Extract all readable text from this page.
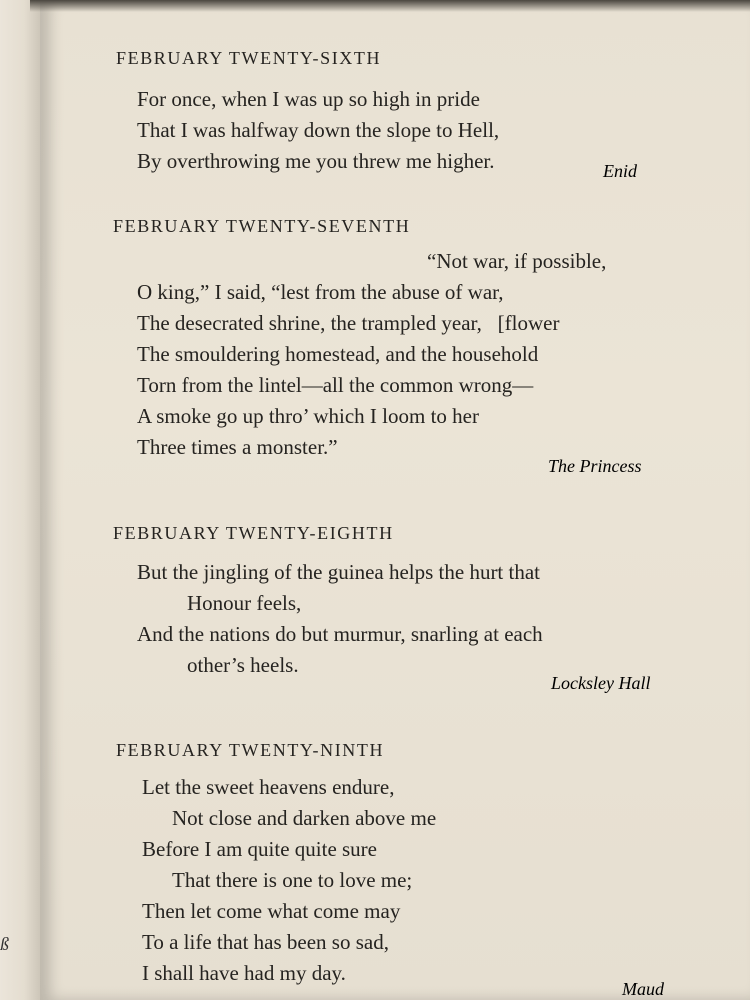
ß

FEBRUARY TWENTY-SIXTH

For once, when I was up so high in pride

That I was halfway down the slope to Hell,

By overthrowing me you threw me higher.	Enid

FEBRUARY TWENTY-SEVENTH

“Not war, if possible,

O king,” I said, “lest from the abuse of war,

The desecrated shrine, the trampled year,   [flower

The smouldering homestead, and the household

Torn from the lintel—all the common wrong—

A smoke go up thro’ which I loom to her

Three times a monster.”

The Princess

FEBRUARY TWENTY-EIGHTH

But the jingling of the guinea helps the hurt that

Honour feels,

And the nations do but murmur, snarling at each

other’s heels.

Locksley Hall

FEBRUARY TWENTY-NINTH

Let the sweet heavens endure,

Not close and darken above me

Before I am quite quite sure

That there is one to love me;

Then let come what come may

To a life that has been so sad,

I shall have had my day.

Maud
